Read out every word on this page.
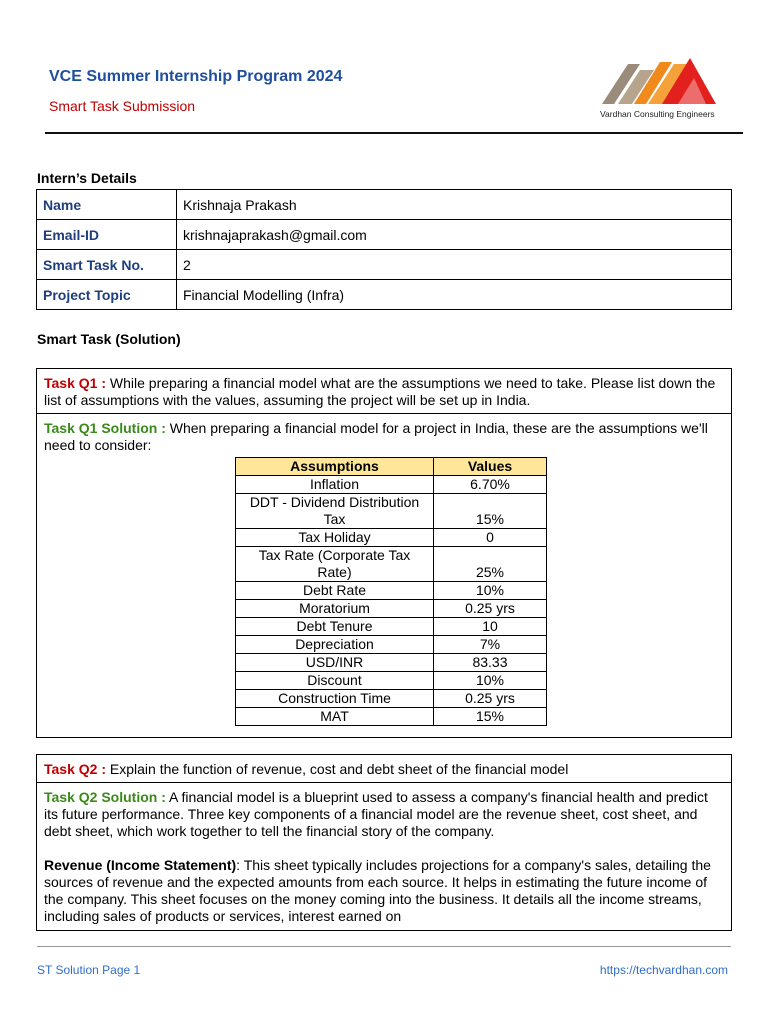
VCE Summer Internship Program 2024
Smart Task Submission	Vardhan Consulting Engineers
Intern’s Details
Name	Krishnaja Prakash
Email-ID	krishnajaprakash@gmail.com
Smart Task No.	2
Project Topic	Financial Modelling (Infra)
Smart Task (Solution)
Task Q1 : While preparing a financial model what are the assumptions we need to take. Please list down the list of assumptions with the values, assuming the project will be set up in India.
Task Q1 Solution : When preparing a financial model for a project in India, these are the assumptions we'll need to consider:
Assumptions	Values
Inflation	6.70%
DDT - Dividend Distribution Tax	15%
Tax Holiday	0
Tax Rate (Corporate Tax Rate)	25%
Debt Rate	10%
Moratorium	0.25 yrs
Debt Tenure	10
Depreciation	7%
USD/INR	83.33
Discount	10%
Construction Time	0.25 yrs
MAT	15%
Task Q2 : Explain the function of revenue, cost and debt sheet of the financial model
Task Q2 Solution : A financial model is a blueprint used to assess a company's financial health and predict its future performance. Three key components of a financial model are the revenue sheet, cost sheet, and debt sheet, which work together to tell the financial story of the company.
Revenue (Income Statement): This sheet typically includes projections for a company's sales, detailing the sources of revenue and the expected amounts from each source. It helps in estimating the future income of the company. This sheet focuses on the money coming into the business. It details all the income streams, including sales of products or services, interest earned on
ST Solution Page 1	https://techvardhan.com
